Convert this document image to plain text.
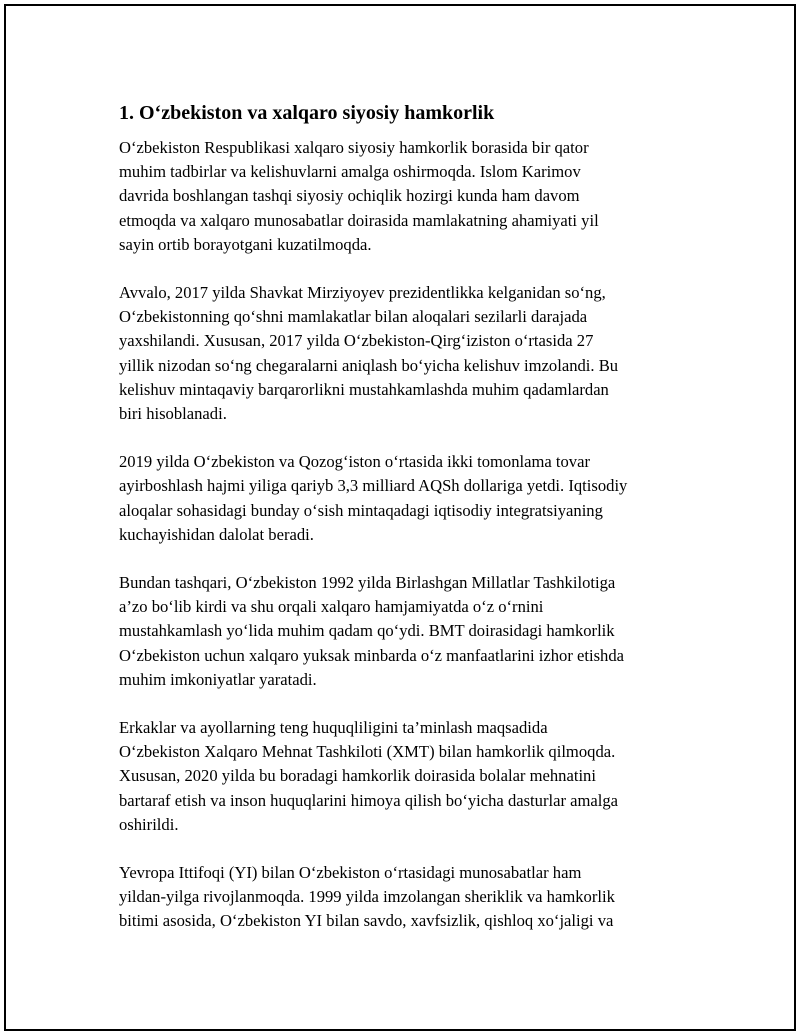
1. O‘zbekiston va xalqaro siyosiy hamkorlik

O‘zbekiston Respublikasi xalqaro siyosiy hamkorlik borasida bir qator
muhim tadbirlar va kelishuvlarni amalga oshirmoqda. Islom Karimov
davrida boshlangan tashqi siyosiy ochiqlik hozirgi kunda ham davom
etmoqda va xalqaro munosabatlar doirasida mamlakatning ahamiyati yil
sayin ortib borayotgani kuzatilmoqda.

Avvalo, 2017 yilda Shavkat Mirziyoyev prezidentlikka kelganidan so‘ng,
O‘zbekistonning qo‘shni mamlakatlar bilan aloqalari sezilarli darajada
yaxshilandi. Xususan, 2017 yilda O‘zbekiston-Qirg‘iziston o‘rtasida 27
yillik nizodan so‘ng chegaralarni aniqlash bo‘yicha kelishuv imzolandi. Bu
kelishuv mintaqaviy barqarorlikni mustahkamlashda muhim qadamlardan
biri hisoblanadi.

2019 yilda O‘zbekiston va Qozog‘iston o‘rtasida ikki tomonlama tovar
ayirboshlash hajmi yiliga qariyb 3,3 milliard AQSh dollariga yetdi. Iqtisodiy
aloqalar sohasidagi bunday o‘sish mintaqadagi iqtisodiy integratsiyaning
kuchayishidan dalolat beradi.

Bundan tashqari, O‘zbekiston 1992 yilda Birlashgan Millatlar Tashkilotiga
a’zo bo‘lib kirdi va shu orqali xalqaro hamjamiyatda o‘z o‘rnini
mustahkamlash yo‘lida muhim qadam qo‘ydi. BMT doirasidagi hamkorlik
O‘zbekiston uchun xalqaro yuksak minbarda o‘z manfaatlarini izhor etishda
muhim imkoniyatlar yaratadi.

Erkaklar va ayollarning teng huquqliligini ta’minlash maqsadida
O‘zbekiston Xalqaro Mehnat Tashkiloti (XMT) bilan hamkorlik qilmoqda.
Xususan, 2020 yilda bu boradagi hamkorlik doirasida bolalar mehnatini
bartaraf etish va inson huquqlarini himoya qilish bo‘yicha dasturlar amalga
oshirildi.

Yevropa Ittifoqi (YI) bilan O‘zbekiston o‘rtasidagi munosabatlar ham
yildan-yilga rivojlanmoqda. 1999 yilda imzolangan sheriklik va hamkorlik
bitimi asosida, O‘zbekiston YI bilan savdo, xavfsizlik, qishloq xo‘jaligi va
